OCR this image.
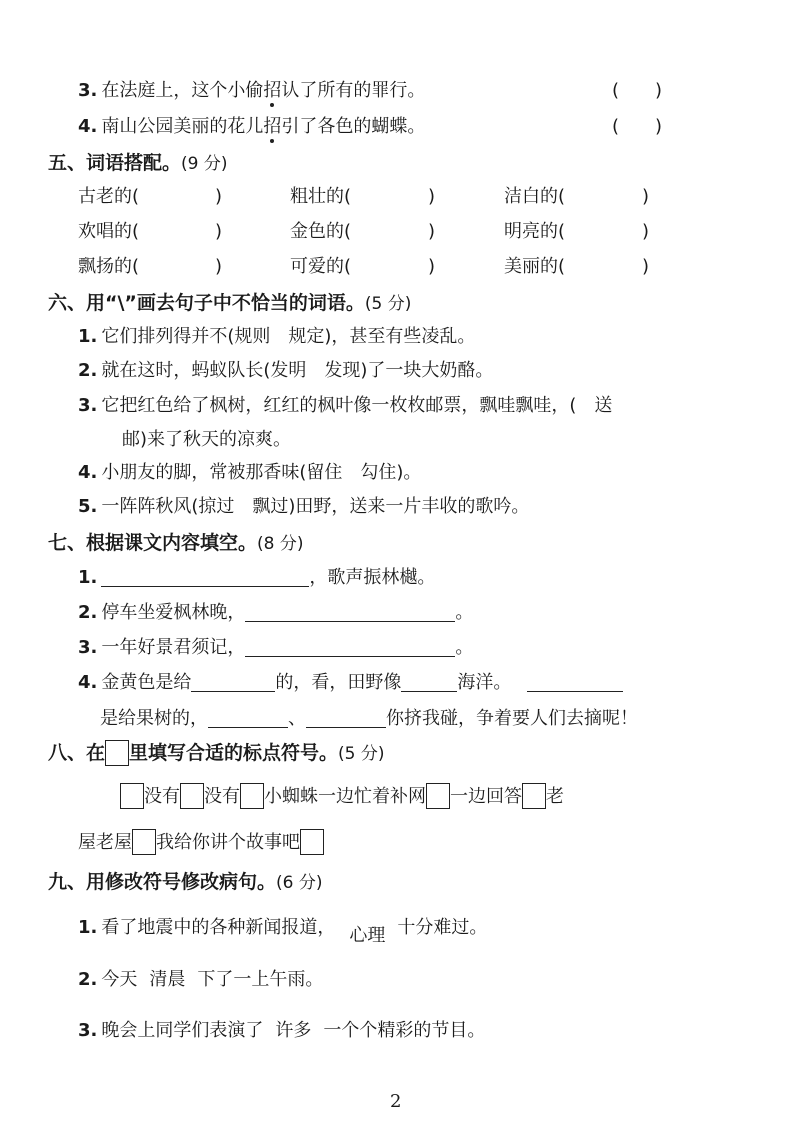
3. 在法庭上，这个小偷招认了所有的罪行。	(　　)
4. 南山公园美丽的花儿招引了各色的蝴蝶。	(　　)
五、词语搭配。(9 分)
古老的(	)	粗壮的(	)	洁白的(	)
欢唱的(	)	金色的(	)	明亮的(	)
飘扬的(	)	可爱的(	)	美丽的(	)
六、用“\”画去句子中不恰当的词语。(5 分)
1. 它们排列得并不(规则　规定)，甚至有些凌乱。
2. 就在这时，蚂蚁队长(发明　发现)了一块大奶酪。
3. 它把红色给了枫树，红红的枫叶像一枚枚邮票，飘哇飘哇，(　送
邮)来了秋天的凉爽。
4. 小朋友的脚，常被那香味(留住　勾住)。
5. 一阵阵秋风(掠过　飘过)田野，送来一片丰收的歌吟。
七、根据课文内容填空。(8 分)
1.	，歌声振林樾。
2. 停车坐爱枫林晚，	。
3. 一年好景君须记，	。
4. 金黄色是给	的，看，田野像	海洋。
是给果树的，	、	你挤我碰，争着要人们去摘呢！
八、在 里填写合适的标点符号。(5 分)
没有 没有 小蜘蛛一边忙着补网 一边回答 老
屋老屋 我给你讲个故事吧
九、用修改符号修改病句。(6 分)
1. 看了地震中的各种新闻报道， 心理 十分难过。
2. 今天 清晨 下了一上午雨。
3. 晚会上同学们表演了 许多 一个个精彩的节目。
2
